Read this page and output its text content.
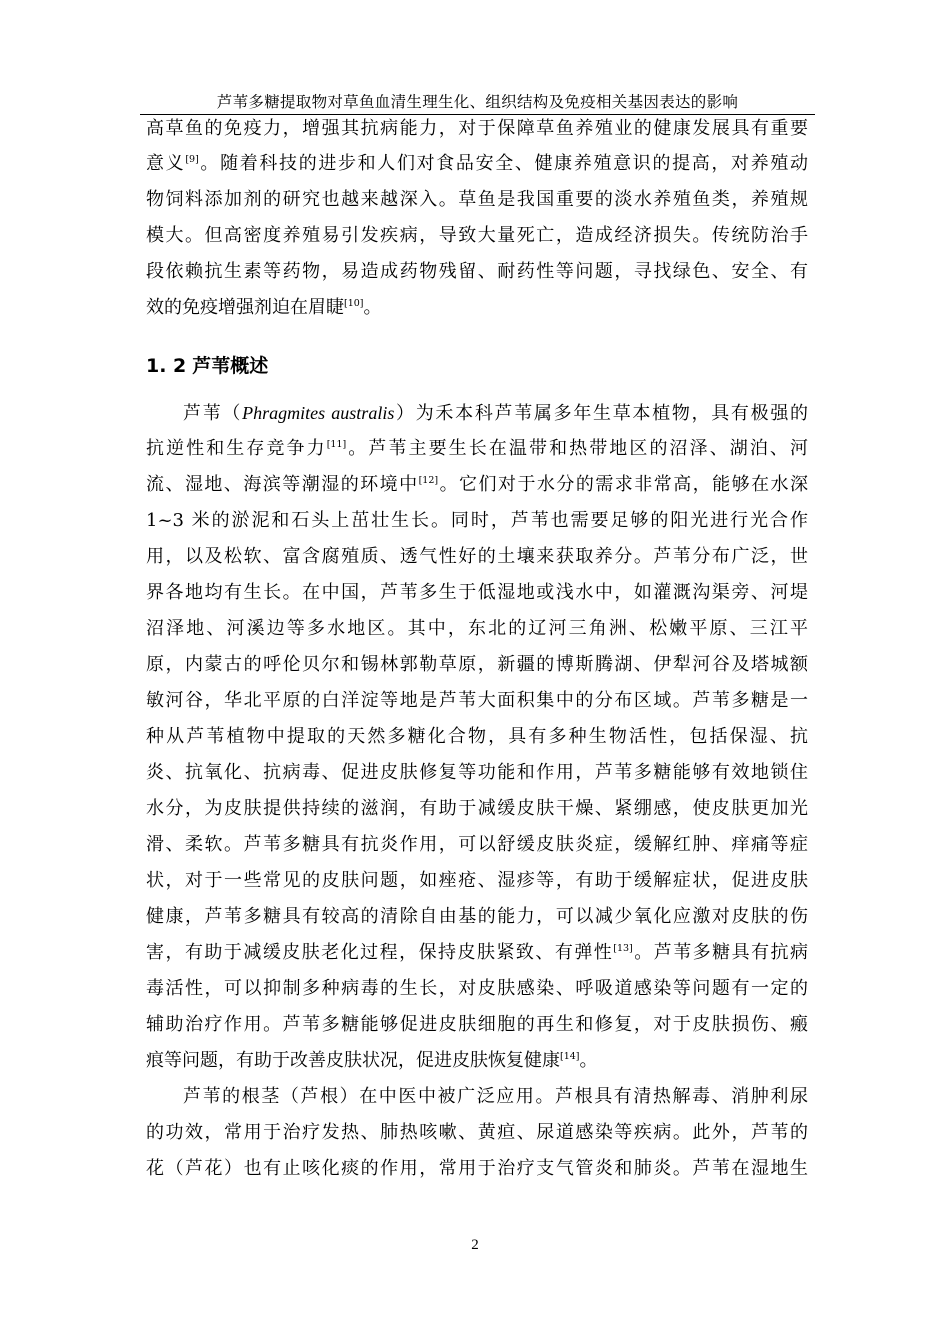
芦苇多糖提取物对草鱼血清生理生化、组织结构及免疫相关基因表达的影响
高草鱼的免疫力，增强其抗病能力，对于保障草鱼养殖业的健康发展具有重要
意义[9]。随着科技的进步和人们对食品安全、健康养殖意识的提高，对养殖动
物饲料添加剂的研究也越来越深入。草鱼是我国重要的淡水养殖鱼类，养殖规
模大。但高密度养殖易引发疾病，导致大量死亡，造成经济损失。传统防治手
段依赖抗生素等药物，易造成药物残留、耐药性等问题，寻找绿色、安全、有
效的免疫增强剂迫在眉睫[10]。
1. 2 芦苇概述
芦苇（Phragmites australis）为禾本科芦苇属多年生草本植物，具有极强的
抗逆性和生存竞争力[11]。芦苇主要生长在温带和热带地区的沼泽、湖泊、河
流、湿地、海滨等潮湿的环境中[12]。它们对于水分的需求非常高，能够在水深
1~3 米的淤泥和石头上茁壮生长。同时，芦苇也需要足够的阳光进行光合作
用，以及松软、富含腐殖质、透气性好的土壤来获取养分。芦苇分布广泛，世
界各地均有生长。在中国，芦苇多生于低湿地或浅水中，如灌溉沟渠旁、河堤
沼泽地、河溪边等多水地区。其中，东北的辽河三角洲、松嫩平原、三江平
原，内蒙古的呼伦贝尔和锡林郭勒草原，新疆的博斯腾湖、伊犁河谷及塔城额
敏河谷，华北平原的白洋淀等地是芦苇大面积集中的分布区域。芦苇多糖是一
种从芦苇植物中提取的天然多糖化合物，具有多种生物活性，包括保湿、抗
炎、抗氧化、抗病毒、促进皮肤修复等功能和作用，芦苇多糖能够有效地锁住
水分，为皮肤提供持续的滋润，有助于减缓皮肤干燥、紧绷感，使皮肤更加光
滑、柔软。芦苇多糖具有抗炎作用，可以舒缓皮肤炎症，缓解红肿、痒痛等症
状，对于一些常见的皮肤问题，如痤疮、湿疹等，有助于缓解症状，促进皮肤
健康，芦苇多糖具有较高的清除自由基的能力，可以减少氧化应激对皮肤的伤
害，有助于减缓皮肤老化过程，保持皮肤紧致、有弹性[13]。芦苇多糖具有抗病
毒活性，可以抑制多种病毒的生长，对皮肤感染、呼吸道感染等问题有一定的
辅助治疗作用。芦苇多糖能够促进皮肤细胞的再生和修复，对于皮肤损伤、瘢
痕等问题，有助于改善皮肤状况，促进皮肤恢复健康[14]。
芦苇的根茎（芦根）在中医中被广泛应用。芦根具有清热解毒、消肿利尿
的功效，常用于治疗发热、肺热咳嗽、黄疸、尿道感染等疾病。此外，芦苇的
花（芦花）也有止咳化痰的作用，常用于治疗支气管炎和肺炎。芦苇在湿地生
2
